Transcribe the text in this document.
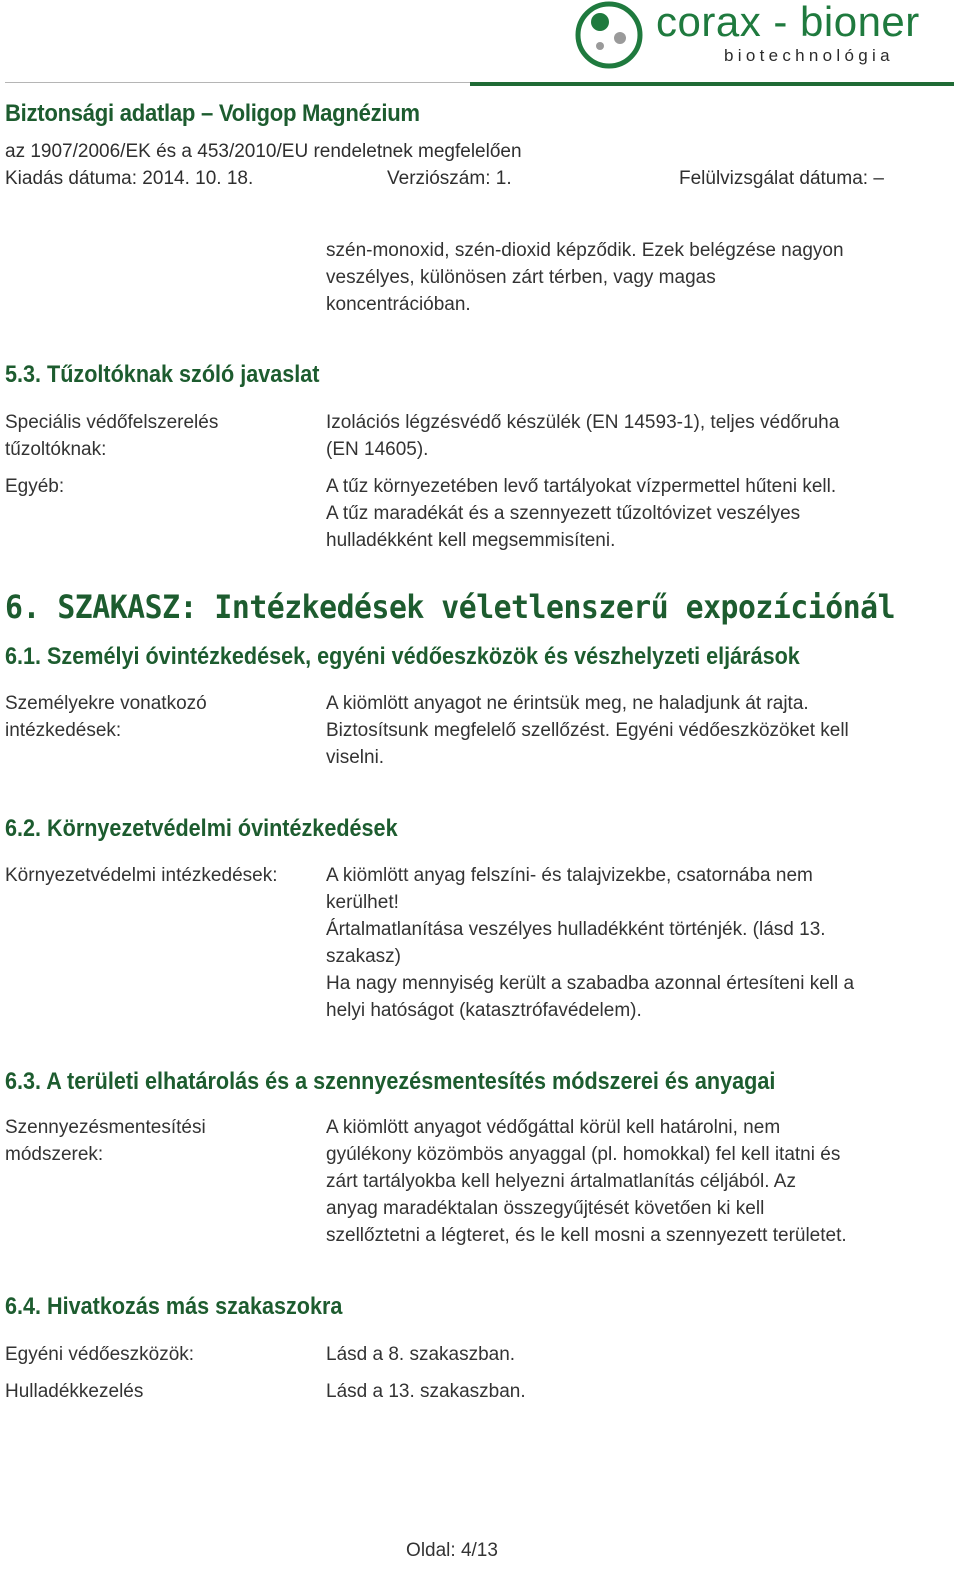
corax - bioner
biotechnológia
Biztonsági adatlap – Voligop Magnézium
az 1907/2006/EK és a 453/2010/EU rendeletnek megfelelően
Kiadás dátuma: 2014. 10. 18.	Verziószám: 1.	Felülvizsgálat dátuma: –
szén-monoxid, szén-dioxid képződik. Ezek belégzése nagyon
veszélyes, különösen zárt térben, vagy magas
koncentrációban.
5.3. Tűzoltóknak szóló javaslat
Speciális védőfelszerelés
tűzoltóknak:
Izolációs légzésvédő készülék (EN 14593-1), teljes védőruha
(EN 14605).
Egyéb:	A tűz környezetében levő tartályokat vízpermettel hűteni kell.
A tűz maradékát és a szennyezett tűzoltóvizet veszélyes
hulladékként kell megsemmisíteni.
6. SZAKASZ: Intézkedések véletlenszerű expozíciónál
6.1. Személyi óvintézkedések, egyéni védőeszközök és vészhelyzeti eljárások
Személyekre vonatkozó
intézkedések:
A kiömlött anyagot ne érintsük meg, ne haladjunk át rajta.
Biztosítsunk megfelelő szellőzést. Egyéni védőeszközöket kell
viselni.
6.2. Környezetvédelmi óvintézkedések
Környezetvédelmi intézkedések:	A kiömlött anyag felszíni- és talajvizekbe, csatornába nem
kerülhet!
Ártalmatlanítása veszélyes hulladékként történjék. (lásd 13.
szakasz)
Ha nagy mennyiség került a szabadba azonnal értesíteni kell a
helyi hatóságot (katasztrófavédelem).
6.3. A területi elhatárolás és a szennyezésmentesítés módszerei és anyagai
Szennyezésmentesítési
módszerek:
A kiömlött anyagot védőgáttal körül kell határolni, nem
gyúlékony közömbös anyaggal (pl. homokkal) fel kell itatni és
zárt tartályokba kell helyezni ártalmatlanítás céljából. Az
anyag maradéktalan összegyűjtését követően ki kell
szellőztetni a légteret, és le kell mosni a szennyezett területet.
6.4. Hivatkozás más szakaszokra
Egyéni védőeszközök:	Lásd a 8. szakaszban.
Hulladékkezelés	Lásd a 13. szakaszban.
Oldal: 4/13
